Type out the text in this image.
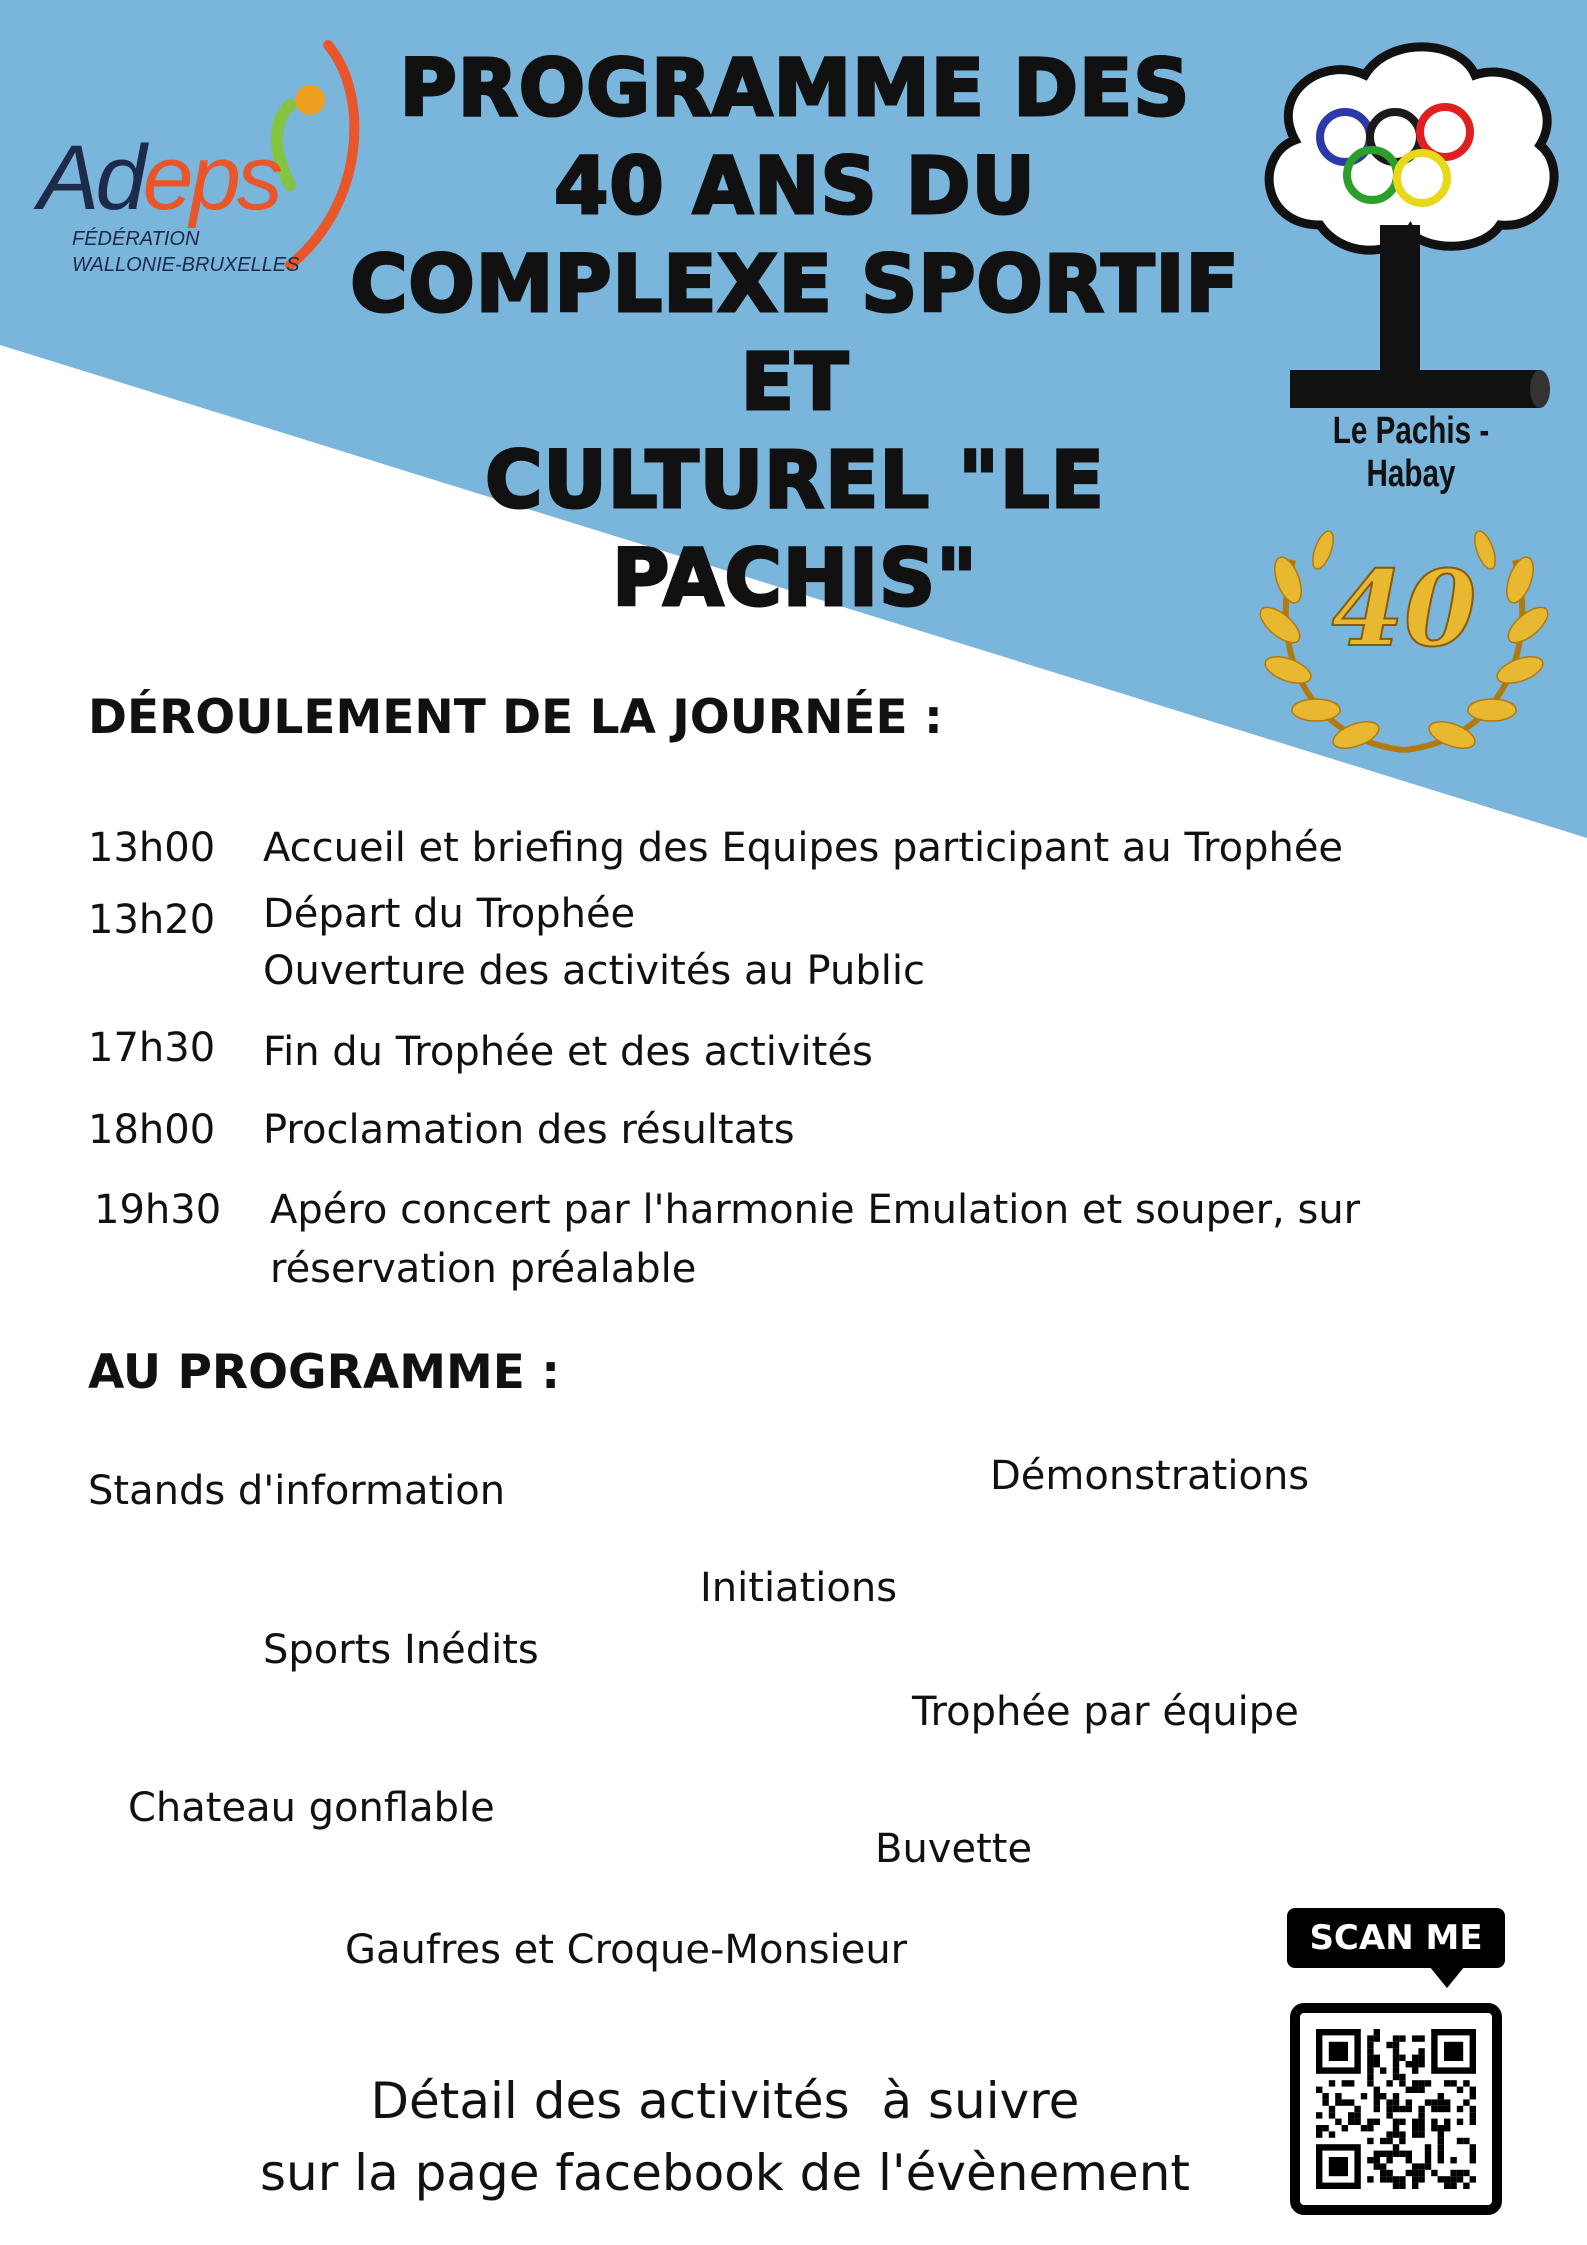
Adeps
FÉDÉRATION
WALLONIE-BRUXELLES
PROGRAMME DES
40 ANS DU
COMPLEXE SPORTIF ET
CULTUREL "LE PACHIS"
Le Pachis - Habay
40
DÉROULEMENT DE LA JOURNÉE :
13h00 Accueil et briefing des Equipes participant au Trophée
13h20 Départ du Trophée
Ouverture des activités au Public
17h30 Fin du Trophée et des activités
18h00 Proclamation des résultats
19h30 Apéro concert par l'harmonie Emulation et souper, sur
réservation préalable
AU PROGRAMME :
Stands d'information	Démonstrations
Initiations
Sports Inédits
Trophée par équipe
Chateau gonflable
Buvette
Gaufres et Croque-Monsieur
Détail des activités  à suivre
sur la page facebook de l'évènement
SCAN ME
